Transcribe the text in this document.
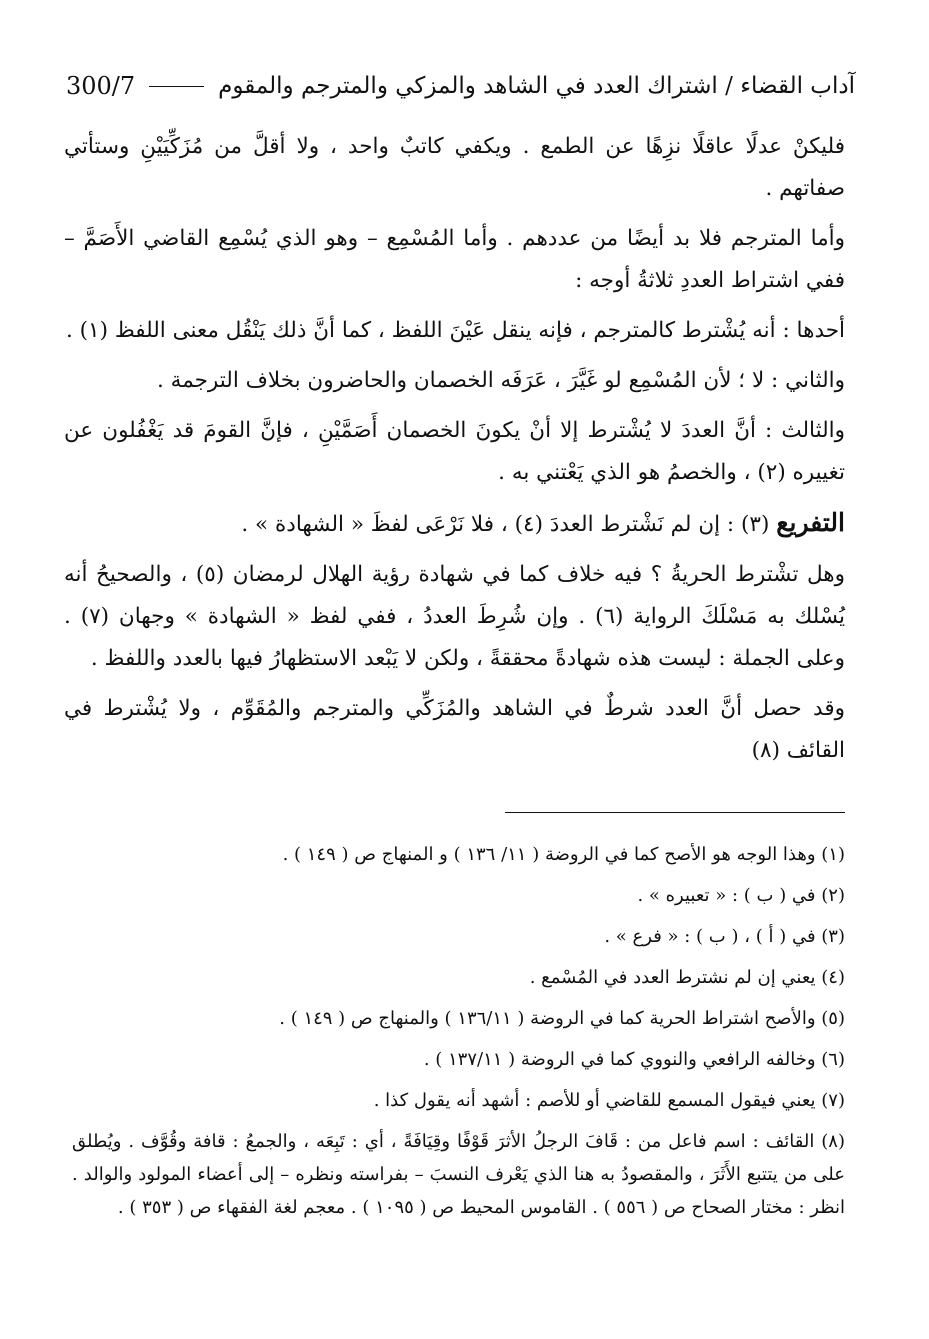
300/7	آداب القضاء / اشتراك العدد في الشاهد والمزكي والمترجم والمقوم

فليكنْ عدلًا عاقلًا نزِهًا عن الطمع . ويكفي كاتبٌ واحد ، ولا أقلَّ من مُزَكِّيَيْنِ وستأتي صفاتهم .

وأما المترجم فلا بد أيضًا من عددهم . وأما المُسْمِع – وهو الذي يُسْمِع القاضي الأَصَمَّ – ففي اشتراط العددِ ثلاثةُ أوجه :

أحدها : أنه يُشْترط كالمترجم ، فإنه ينقل عَيْنَ اللفظ ، كما أنَّ ذلك يَنْقُل معنى اللفظ (١) .

والثاني : لا ؛ لأن المُسْمِع لو غَيَّرَ ، عَرَفَه الخصمان والحاضرون بخلاف الترجمة .

والثالث : أنَّ العددَ لا يُشْترط إلا أنْ يكونَ الخصمان أَصَمَّيْنِ ، فإنَّ القومَ قد يَغْفُلون عن تغييره (٢) ، والخصمُ هو الذي يَعْتني به .

التفريع (٣) : إن لم نَشْترط العددَ (٤) ، فلا نَرْعَى لفظَ « الشهادة » .

وهل تشْترط الحريةُ ؟ فيه خلاف كما في شهادة رؤية الهلال لرمضان (٥) ، والصحيحُ أنه يُسْلك به مَسْلَكَ الرواية (٦) . وإن شُرِطَ العددُ ، ففي لفظ « الشهادة » وجهان (٧) . وعلى الجملة : ليست هذه شهادةً محققةً ، ولكن لا يَبْعد الاستظهارُ فيها بالعدد واللفظ .

وقد حصل أنَّ العدد شرطٌ في الشاهد والمُزَكِّي والمترجم والمُقَوِّم ، ولا يُشْترط في القائف (٨)

(١) وهذا الوجه هو الأصح كما في الروضة ( ١١/ ١٣٦ ) و المنهاج ص ( ١٤٩ ) .

(٢) في ( ب ) : « تعبيره » .

(٣) في ( أ ) ، ( ب ) : « فرع » .

(٤) يعني إن لم نشترط العدد في المُسْمع .

(٥) والأصح اشتراط الحرية كما في الروضة ( ١٣٦/١١ ) والمنهاج ص ( ١٤٩ ) .

(٦) وخالفه الرافعي والنووي كما في الروضة ( ١٣٧/١١ ) .

(٧) يعني فيقول المسمع للقاضي أو للأصم : أشهد أنه يقول كذا .

(٨) القائف : اسم فاعل من : قَافَ الرجلُ الأثرَ قَوْفًا وقِيَافَةً ، أي : تَبِعَه ، والجمعُ : قافة وقُوَّف . ويُطلق على من يتتبع الأَثَرَ ، والمقصودُ به هنا الذي يَعْرف النسبَ – بفراسته ونظره – إلى أعضاء المولود والوالد . انظر : مختار الصحاح ص ( ٥٥٦ ) . القاموس المحيط ص ( ١٠٩٥ ) . معجم لغة الفقهاء ص ( ٣٥٣ ) .
